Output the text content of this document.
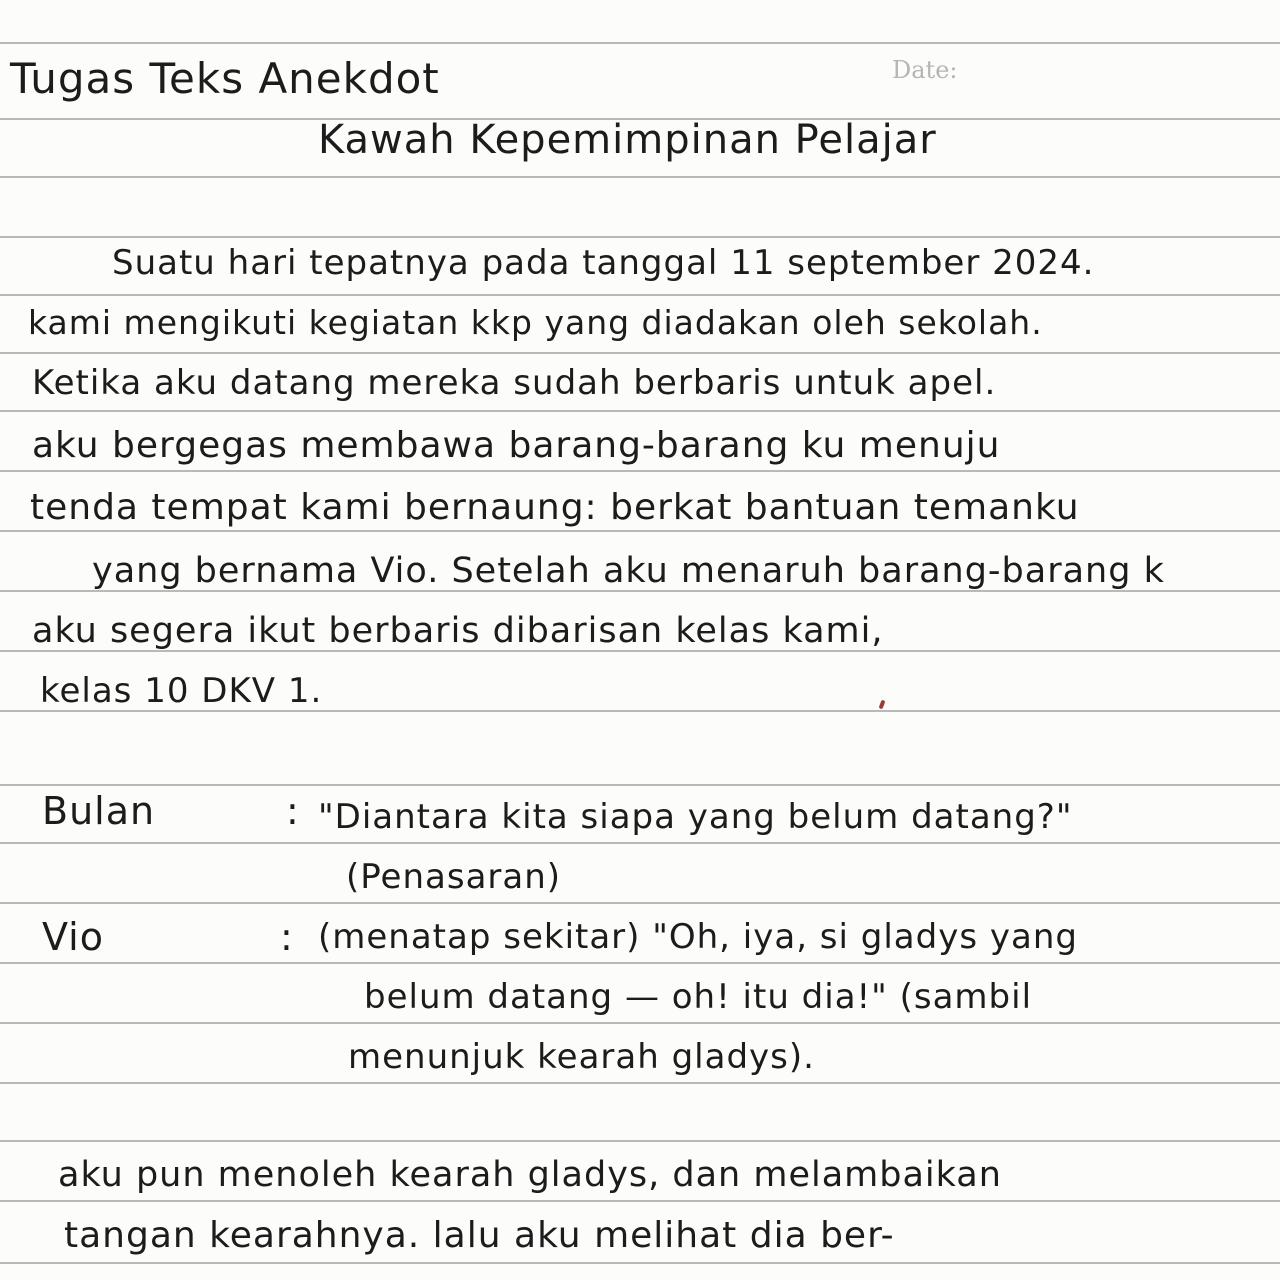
Date:
Tugas Teks Anekdot
Kawah Kepemimpinan Pelajar
Suatu hari tepatnya pada tanggal 11 september 2024.
kami mengikuti kegiatan kkp yang diadakan oleh sekolah.
Ketika aku datang mereka sudah berbaris untuk apel.
aku bergegas membawa barang-barang ku menuju
tenda tempat kami bernaung: berkat bantuan temanku
yang bernama Vio. Setelah aku menaruh barang-barang k
aku segera ikut berbaris dibarisan kelas kami,
kelas 10 DKV 1.
Bulan	: "Diantara kita siapa yang belum datang?"
(Penasaran)
Vio	: (menatap sekitar) "Oh, iya, si gladys yang
belum datang — oh! itu dia!" (sambil
menunjuk kearah gladys).
aku pun menoleh kearah gladys, dan melambaikan
tangan kearahnya. lalu aku melihat dia ber-
